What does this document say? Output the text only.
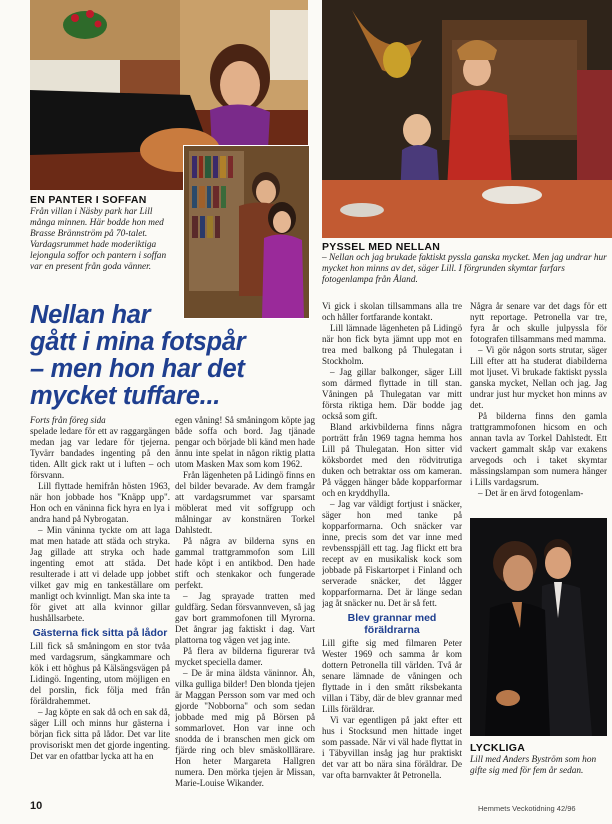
EN PANTER I SOFFAN
Från villan i Näsby park har Lill många minnen. Här bodde hon med Brasse Brännström på 70-talet. Vardagsrummet hade moderiktiga lejongula soffor och pantern i soffan var en present från goda vänner.
PYSSEL MED NELLAN
– Nellan och jag brukade faktiskt pyssla ganska mycket. Men jag undrar hur mycket hon minns av det, säger Lill. I förgrunden skymtar farfars fotogenlampa från Åland.
LYCKLIGA
Lill med Anders Byström som hon gifte sig med för fem år sedan.
Nellan har
gått i mina fotspår
– men hon har det
mycket tuffare...

Forts från föreg sida

spelade ledare för ett av raggargängen medan jag var ledare för tjejerna. Tyvärr bandades ingenting på den tiden. Allt gick rakt ut i luften – och försvann.

Lill flyttade hemifrån hösten 1963, när hon jobbade hos "Knäpp upp". Hon och en väninna fick hyra en lya i andra hand på Nybrogatan.

– Min väninna tyckte om att laga mat men hatade att städa och stryka. Jag gillade att stryka och hade ingenting emot att städa. Det resulterade i att vi delade upp jobbet vilket gav mig en tankeställare om manligt och kvinnligt. Man ska inte ta för givet att alla kvinnor gillar hushållsarbete.

Gästerna fick sitta på lådor

Lill fick så småningom en stor tvåa med vardagsrum, sängkammare och kök i ett höghus på Kälsängsvägen på Lidingö. Ingenting, utom möjligen en del porslin, fick följa med från föräldrahemmet.

– Jag köpte en sak då och en sak då, säger Lill och minns hur gästerna i början fick sitta på lådor. Det var lite provisoriskt men det gjorde ingenting. Det var en ofattbar lycka att ha en

egen våning! Så småningom köpte jag både soffa och bord. Jag tjänade pengar och började bli känd men hade ännu inte spelat in någon riktig platta utom Masken Max som kom 1962.

Från lägenheten på Lidingö finns en del bilder bevarade. Av dem framgår att vardagsrummet var sparsamt möblerat med vit soffgrupp och målningar av konstnären Torkel Dahlstedt.

På några av bilderna syns en gammal trattgrammofon som Lill hade köpt i en antikbod. Den hade stift och stenkakor och fungerade perfekt.

– Jag sprayade tratten med guldfärg. Sedan försvannveven, så jag gav bort grammofonen till Myrorna. Det ångrar jag faktiskt i dag. Vart plattorna tog vägen vet jag inte.

På flera av bilderna figurerar två mycket speciella damer.

– De är mina äldsta väninnor. Åh, vilka gulliga bilder! Den blonda tjejen är Maggan Persson som var med och gjorde "Nobborna" och som sedan jobbade med mig på Börsen på sommarlovet. Hon var inne och snodda de i branschen men gick om fjärde ring och blev smäskolllärare. Hon heter Margareta Hallgren numera. Den mörka tjejen är Missan, Marie-Louise Wikander.

Vi gick i skolan tillsammans alla tre och håller fortfarande kontakt.

Lill lämnade lägenheten på Lidingö när hon fick byta jämnt upp mot en trea med balkong på Thulegatan i Stockholm.

– Jag gillar balkonger, säger Lill som därmed flyttade in till stan. Våningen på Thulegatan var mitt första riktiga hem. Där bodde jag också som gift.

Bland arkivbilderna finns några porträtt från 1969 tagna hemma hos Lill på Thulegatan. Hon sitter vid köksbordet med den rödvitrutiga duken och betraktar oss om kameran. På väggen hänger både kopparformar och en kryddhylla.

– Jag var väldigt fortjust i snäcker, säger hon med tanke på kopparformarna. Och snäcker var inne, precis som det var inne med revbensspjäll ett tag. Jag flickt ett bra recept av en musikalisk kock som jobbade på Fiskartorpet i Finland och serverade snäcker, det lågger kopparformarna. Det är länge sedan jag åt snäcker nu. Det är så fett.

Blev grannar med föräldrarna

Lill gifte sig med filmaren Peter Wester 1969 och samma år kom dottern Petronella till världen. Två år senare lämnade de våningen och flyttade in i den smått riksbekanta villan i Täby, där de blev grannar med Lills föräldrar.

Vi var egentligen på jakt efter ett hus i Stocksund men hittade inget som passade. När vi väl hade flyttat in i Täbyvillan insåg jag hur praktiskt det var att bo nära sina föräldrar. De var ofta barnvakter åt Petronella.

Några år senare var det dags för ett nytt reportage. Petronella var tre, fyra år och skulle julpyssla för fotografen tillsammans med mamma.

– Vi gör någon sorts strutar, säger Lill efter att ha studerat diabilderna mot ljuset. Vi brukade faktiskt pyssla ganska mycket, Nellan och jag. Jag undrar just hur mycket hon minns av det.

På bilderna finns den gamla trattgrammofonen hicsom en och annan tavla av Torkel Dahlstedt. Ett vackert gammalt skåp var exakens arvegods och i taket skymtar mässingslampan som numera hänger i Lills vardagsrum.

– Det är en ärvd fotogenlam-

10	Hemmets Veckotidning 42/96
